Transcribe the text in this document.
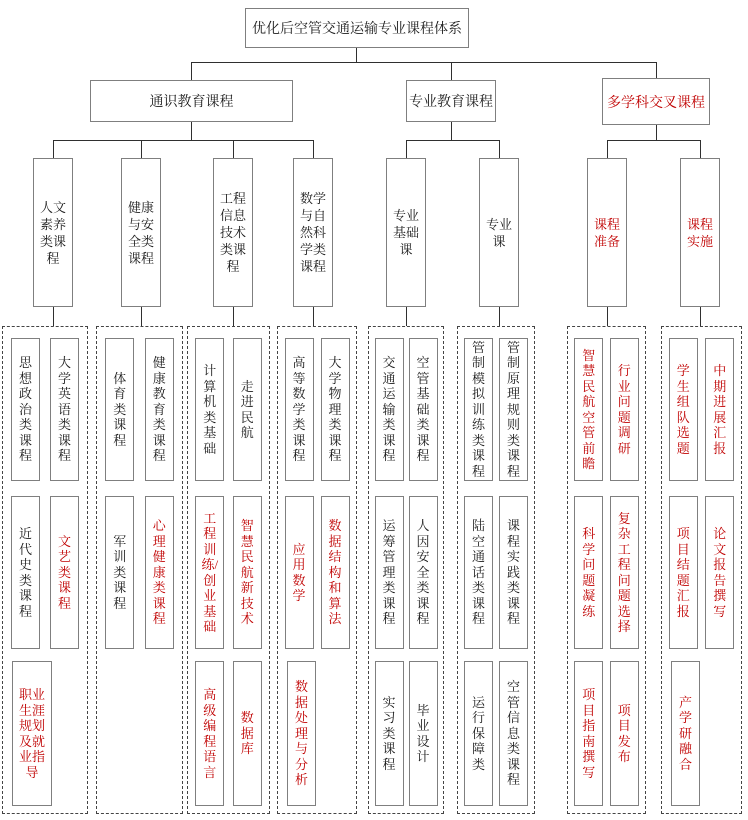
优化后空管交通运输专业课程体系
通识教育课程	专业教育课程	多学科交叉课程
人文素养类课程
健康与安全类课程
工程信息技术类课程
数学与自然科学类课程
专业基础课
专业课
课程准备
课程实施
思想政治类课程
大学英语类课程
近代史类课程
文艺类课程
职业生涯规划及就业指导
体育类课程
健康教育类课程
军训类课程
心理健康类课程
计算机类基础
走进民航
工程训练/创业基础
智慧民航新技术
高级编程语言
数据库
高等数学类课程
大学物理类课程
应用数学
数据结构和算法
数据处理与分析
交通运输类课程
空管基础类课程
运筹管理类课程
人因安全类课程
实习类课程
毕业设计
管制模拟训练类课程
管制原理规则类课程
陆空通话类课程
课程实践类课程
运行保障类
空管信息类课程
智慧民航空管前瞻
行业问题调研
科学问题凝练
复杂工程问题选择
项目指南撰写
项目发布
学生组队选题
中期进展汇报
项目结题汇报
论文报告撰写
产学研融合
